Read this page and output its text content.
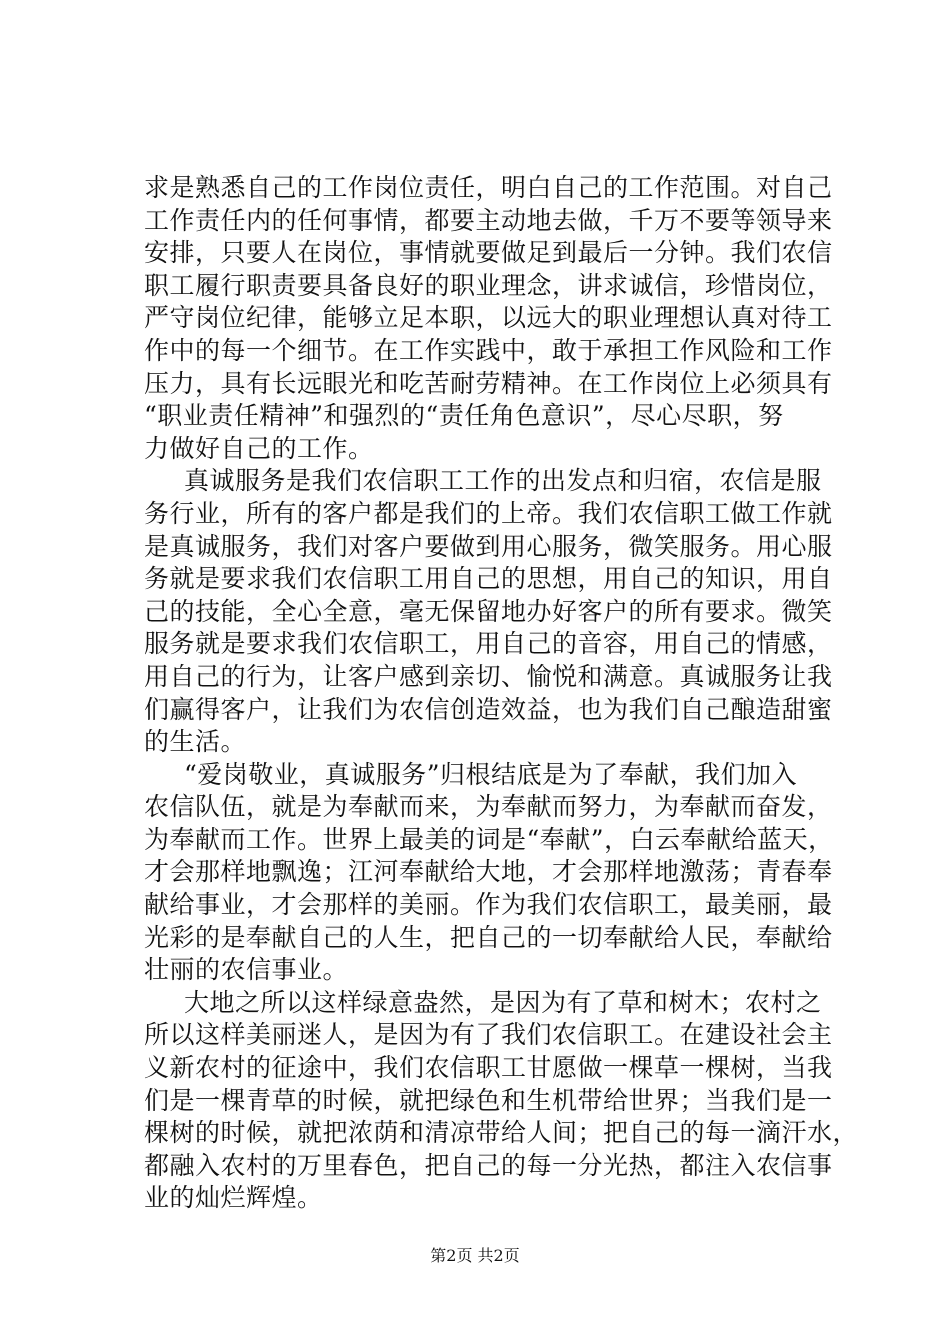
求是熟悉自己的工作岗位责任，明白自己的工作范围。对自己
工作责任内的任何事情，都要主动地去做，千万不要等领导来
安排，只要人在岗位，事情就要做足到最后一分钟。我们农信
职工履行职责要具备良好的职业理念，讲求诚信，珍惜岗位，
严守岗位纪律，能够立足本职，以远大的职业理想认真对待工
作中的每一个细节。在工作实践中，敢于承担工作风险和工作
压力，具有长远眼光和吃苦耐劳精神。在工作岗位上必须具有
“职业责任精神”和强烈的“责任角色意识”，尽心尽职，努
力做好自己的工作。
真诚服务是我们农信职工工作的出发点和归宿，农信是服
务行业，所有的客户都是我们的上帝。我们农信职工做工作就
是真诚服务，我们对客户要做到用心服务，微笑服务。用心服
务就是要求我们农信职工用自己的思想，用自己的知识，用自
己的技能，全心全意，毫无保留地办好客户的所有要求。微笑
服务就是要求我们农信职工，用自己的音容，用自己的情感，
用自己的行为，让客户感到亲切、愉悦和满意。真诚服务让我
们赢得客户，让我们为农信创造效益，也为我们自己酿造甜蜜
的生活。
“爱岗敬业，真诚服务”归根结底是为了奉献，我们加入
农信队伍，就是为奉献而来，为奉献而努力，为奉献而奋发，
为奉献而工作。世界上最美的词是“奉献”，白云奉献给蓝天，
才会那样地飘逸；江河奉献给大地，才会那样地激荡；青春奉
献给事业，才会那样的美丽。作为我们农信职工，最美丽，最
光彩的是奉献自己的人生，把自己的一切奉献给人民，奉献给
壮丽的农信事业。
大地之所以这样绿意盎然，是因为有了草和树木；农村之
所以这样美丽迷人，是因为有了我们农信职工。在建设社会主
义新农村的征途中，我们农信职工甘愿做一棵草一棵树，当我
们是一棵青草的时候，就把绿色和生机带给世界；当我们是一
棵树的时候，就把浓荫和清凉带给人间；把自己的每一滴汗水，
都融入农村的万里春色，把自己的每一分光热，都注入农信事
业的灿烂辉煌。
第2页 共2页
